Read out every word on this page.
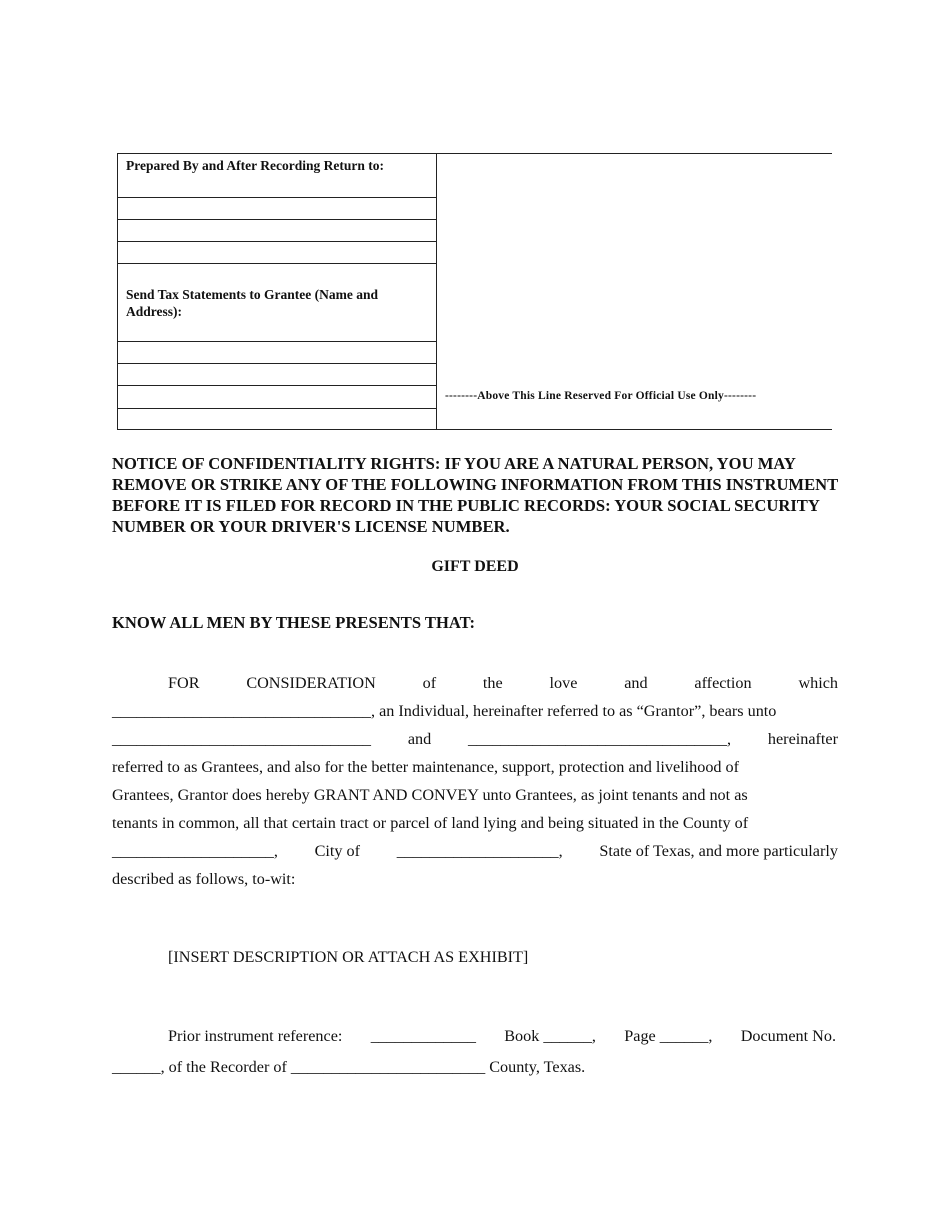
Prepared By and After Recording Return to:
Send Tax Statements to Grantee (Name and Address):
--------Above This Line Reserved For Official Use Only--------
NOTICE OF CONFIDENTIALITY RIGHTS: IF YOU ARE A NATURAL PERSON, YOU MAY REMOVE OR STRIKE ANY OF THE FOLLOWING INFORMATION FROM THIS INSTRUMENT BEFORE IT IS FILED FOR RECORD IN THE PUBLIC RECORDS: YOUR SOCIAL SECURITY NUMBER OR YOUR DRIVER'S LICENSE NUMBER.
GIFT DEED
KNOW ALL MEN BY THESE PRESENTS THAT:
FOR	CONSIDERATION	of	the	love	and	affection	which
________________________________, an Individual, hereinafter referred to as “Grantor”, bears unto
________________________________ and ________________________________, hereinafter
referred to as Grantees, and also for the better maintenance, support, protection and livelihood of
Grantees, Grantor does hereby GRANT AND CONVEY unto Grantees, as joint tenants and not as
tenants in common, all that certain tract or parcel of land lying and being situated in the County of
____________________, City of ____________________, State of Texas, and more particularly
described as follows, to-wit:
[INSERT DESCRIPTION OR ATTACH AS EXHIBIT]
Prior instrument reference: _____________ Book ______, Page ______, Document No.
______, of the Recorder of ________________________ County, Texas.
